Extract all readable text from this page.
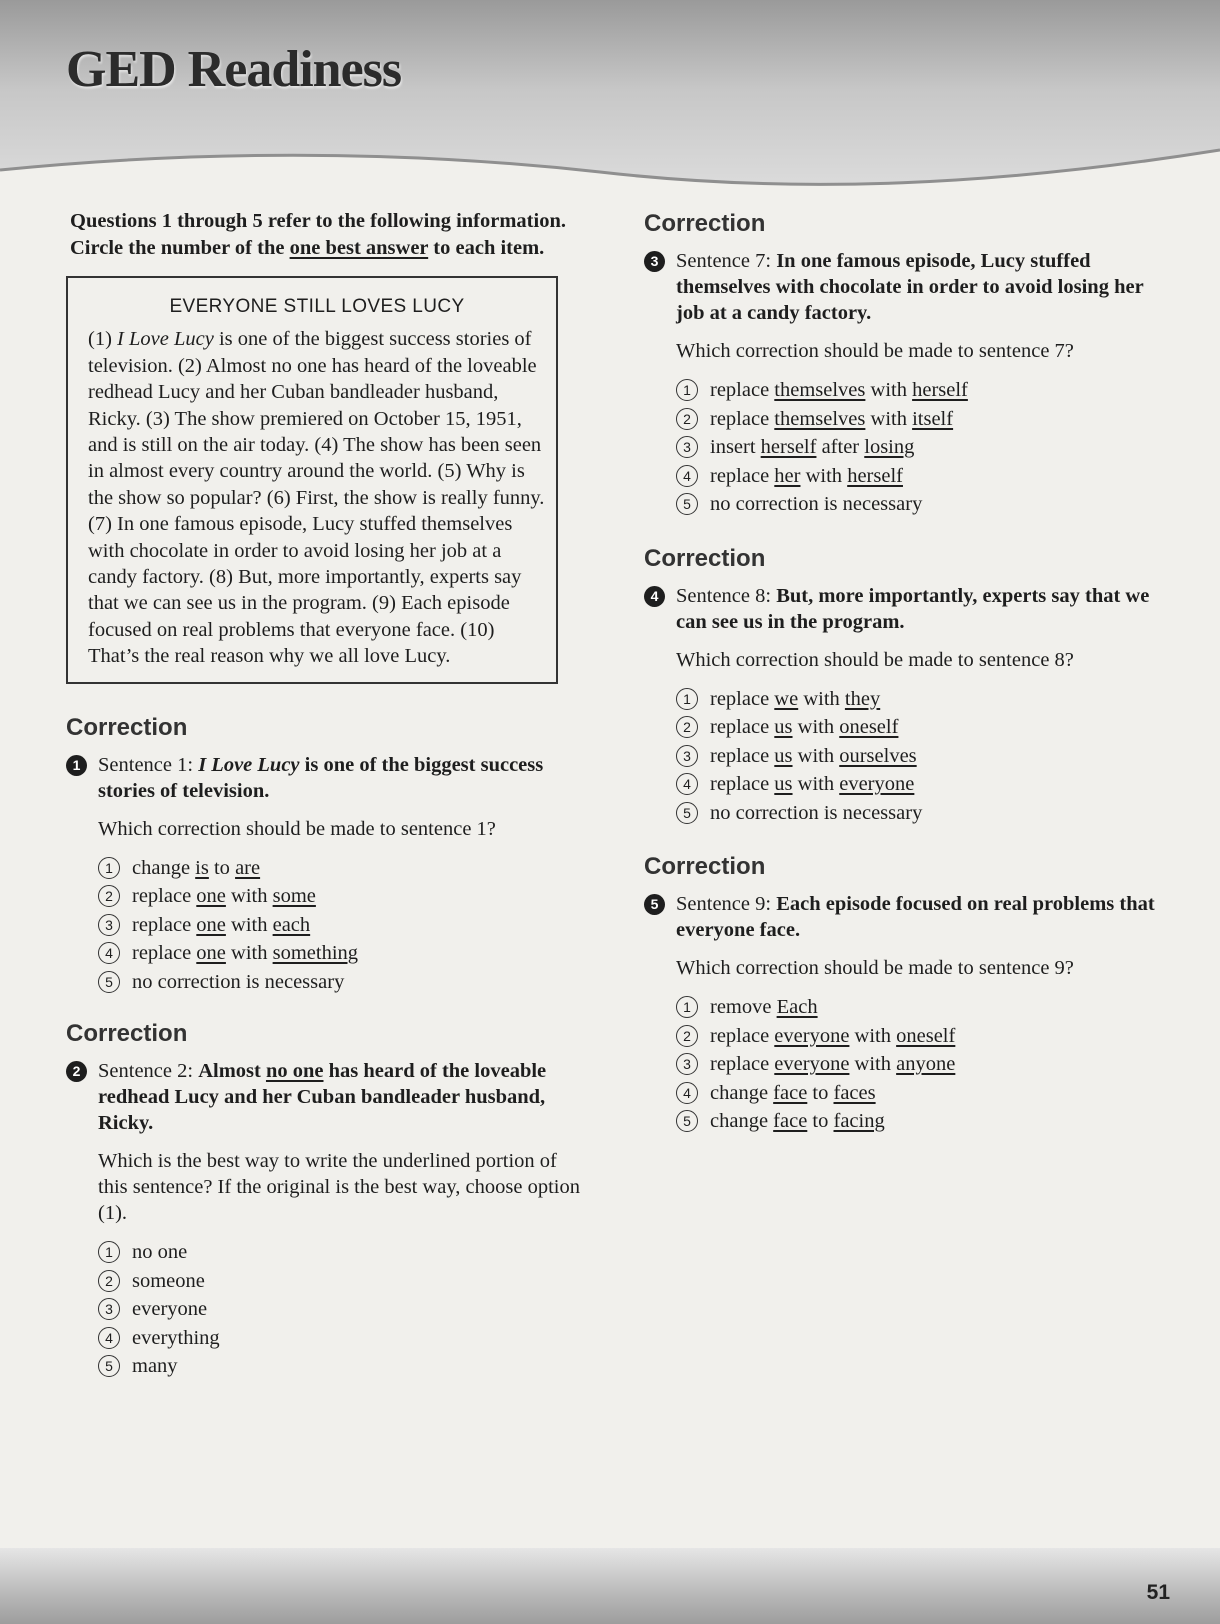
GED Readiness

Questions 1 through 5 refer to the following information. Circle the number of the one best answer to each item.

EVERYONE STILL LOVES LUCY

(1) I Love Lucy is one of the biggest success stories of television. (2) Almost no one has heard of the loveable redhead Lucy and her Cuban bandleader husband, Ricky. (3) The show premiered on October 15, 1951, and is still on the air today. (4) The show has been seen in almost every country around the world. (5) Why is the show so popular? (6) First, the show is really funny. (7) In one famous episode, Lucy stuffed themselves with chocolate in order to avoid losing her job at a candy factory. (8) But, more importantly, experts say that we can see us in the program. (9) Each episode focused on real problems that everyone face. (10) That’s the real reason why we all love Lucy.

Correction
1 Sentence 1: I Love Lucy is one of the biggest success stories of television.
Which correction should be made to sentence 1?
1 change is to are
2 replace one with some
3 replace one with each
4 replace one with something
5 no correction is necessary
Correction
2 Sentence 2: Almost no one has heard of the loveable redhead Lucy and her Cuban bandleader husband, Ricky.
Which is the best way to write the underlined portion of this sentence? If the original is the best way, choose option (1).
1 no one
2 someone
3 everyone
4 everything
5 many
Correction
3 Sentence 7: In one famous episode, Lucy stuffed themselves with chocolate in order to avoid losing her job at a candy factory.
Which correction should be made to sentence 7?
1 replace themselves with herself
2 replace themselves with itself
3 insert herself after losing
4 replace her with herself
5 no correction is necessary
Correction
4 Sentence 8: But, more importantly, experts say that we can see us in the program.
Which correction should be made to sentence 8?
1 replace we with they
2 replace us with oneself
3 replace us with ourselves
4 replace us with everyone
5 no correction is necessary
Correction
5 Sentence 9: Each episode focused on real problems that everyone face.
Which correction should be made to sentence 9?
1 remove Each
2 replace everyone with oneself
3 replace everyone with anyone
4 change face to faces
5 change face to facing
51
